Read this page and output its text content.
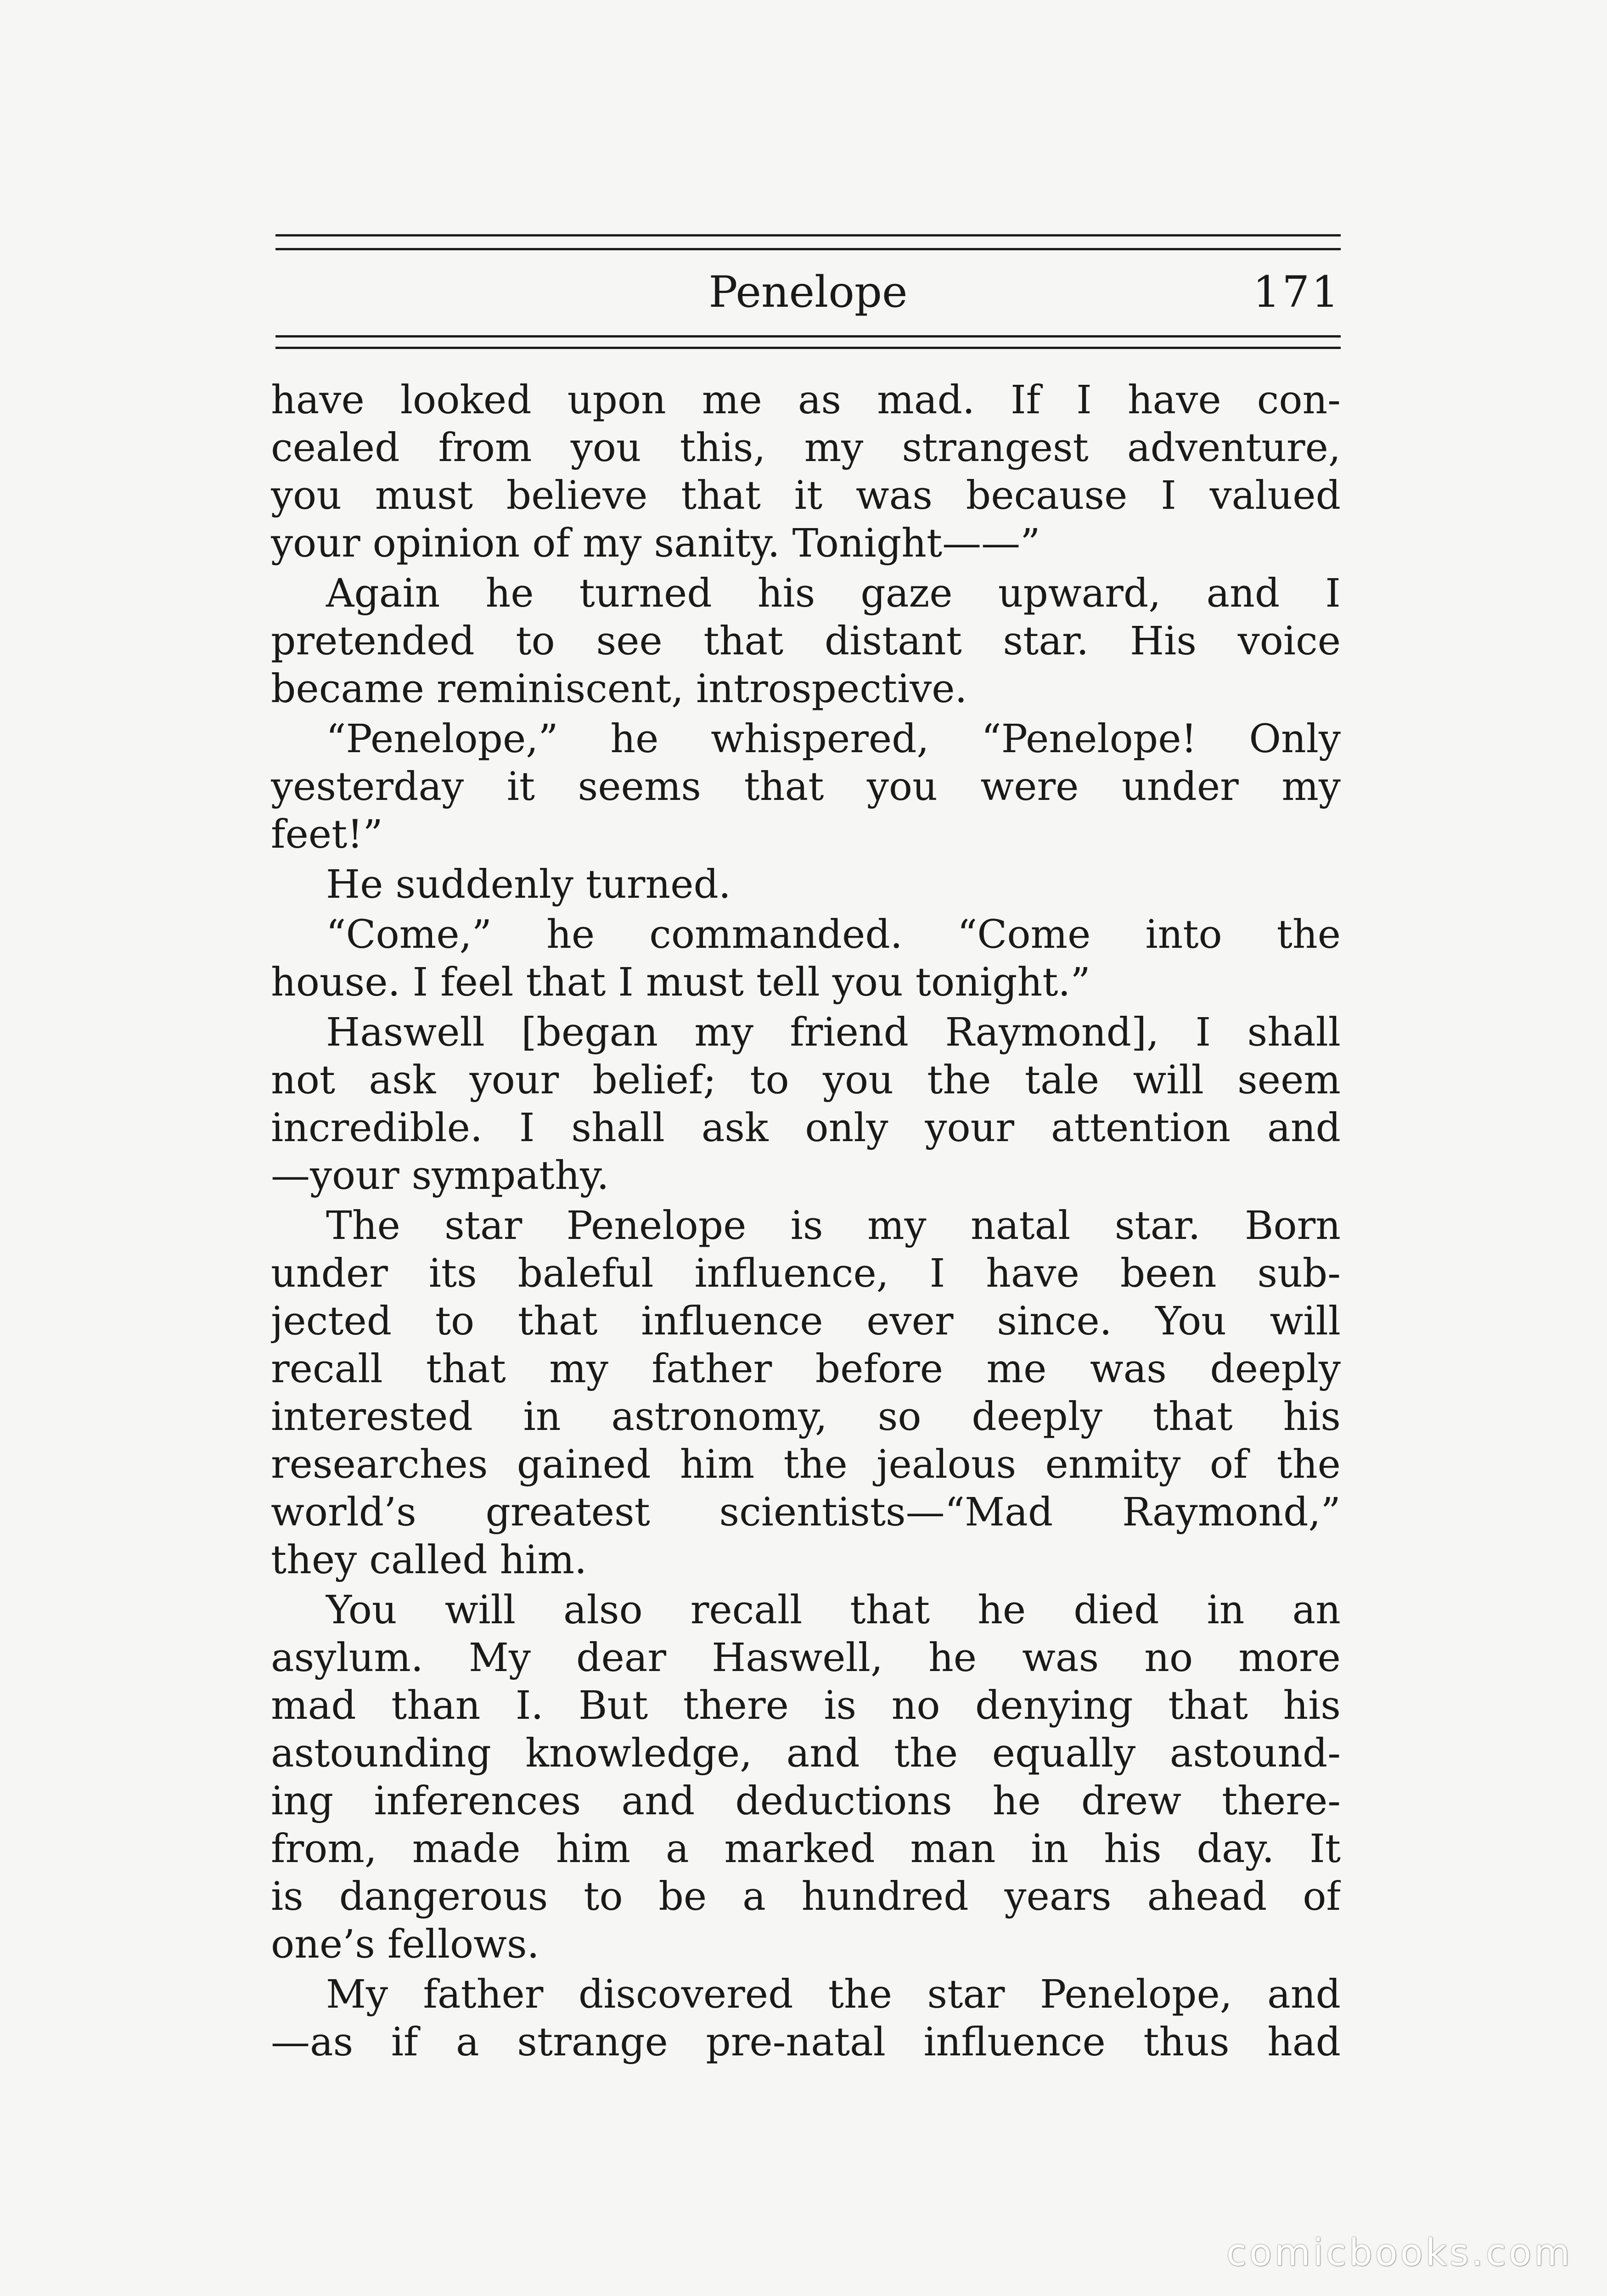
Penelope	171
have looked upon me as mad. If I have con-
cealed from you this, my strangest adventure,
you must believe that it was because I valued
your opinion of my sanity. Tonight——”
Again he turned his gaze upward, and I
pretended to see that distant star. His voice
became reminiscent, introspective.
“Penelope,” he whispered, “Penelope! Only
yesterday it seems that you were under my
feet!”
He suddenly turned.
“Come,” he commanded. “Come into the
house. I feel that I must tell you tonight.”
Haswell [began my friend Raymond], I shall
not ask your belief; to you the tale will seem
incredible. I shall ask only your attention and
—your sympathy.
The star Penelope is my natal star. Born
under its baleful influence, I have been sub-
jected to that influence ever since. You will
recall that my father before me was deeply
interested in astronomy, so deeply that his
researches gained him the jealous enmity of the
world’s greatest scientists—“Mad Raymond,”
they called him.
You will also recall that he died in an
asylum. My dear Haswell, he was no more
mad than I. But there is no denying that his
astounding knowledge, and the equally astound-
ing inferences and deductions he drew there-
from, made him a marked man in his day. It
is dangerous to be a hundred years ahead of
one’s fellows.
My father discovered the star Penelope, and
—as if a strange pre-natal influence thus had
comicbooks.com
